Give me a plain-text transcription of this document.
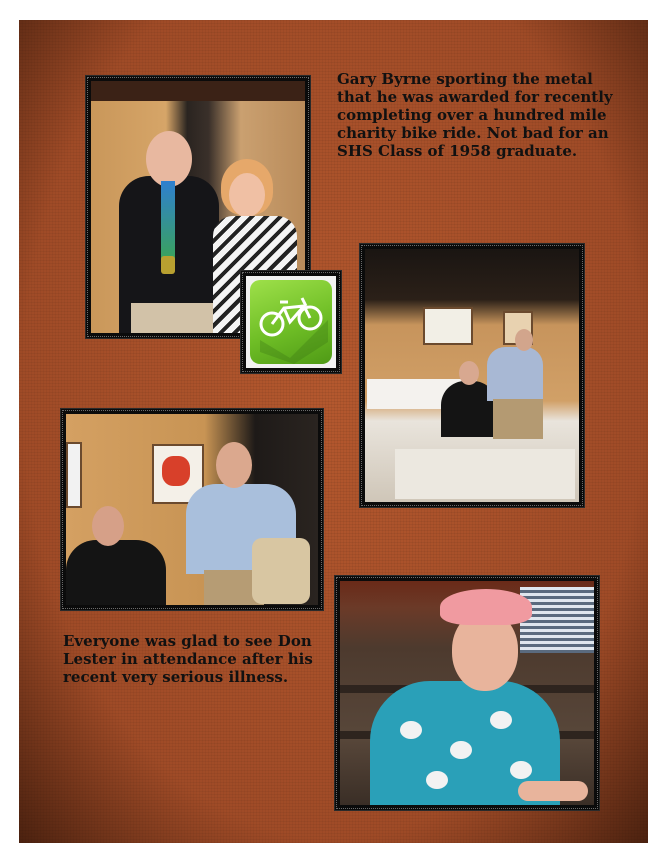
Gary Byrne sporting the metal that he was awarded for recently completing over a hundred mile charity bike ride. Not bad for an SHS Class of 1958 graduate.
Everyone was glad to see Don Lester in attendance after his recent very serious illness.
